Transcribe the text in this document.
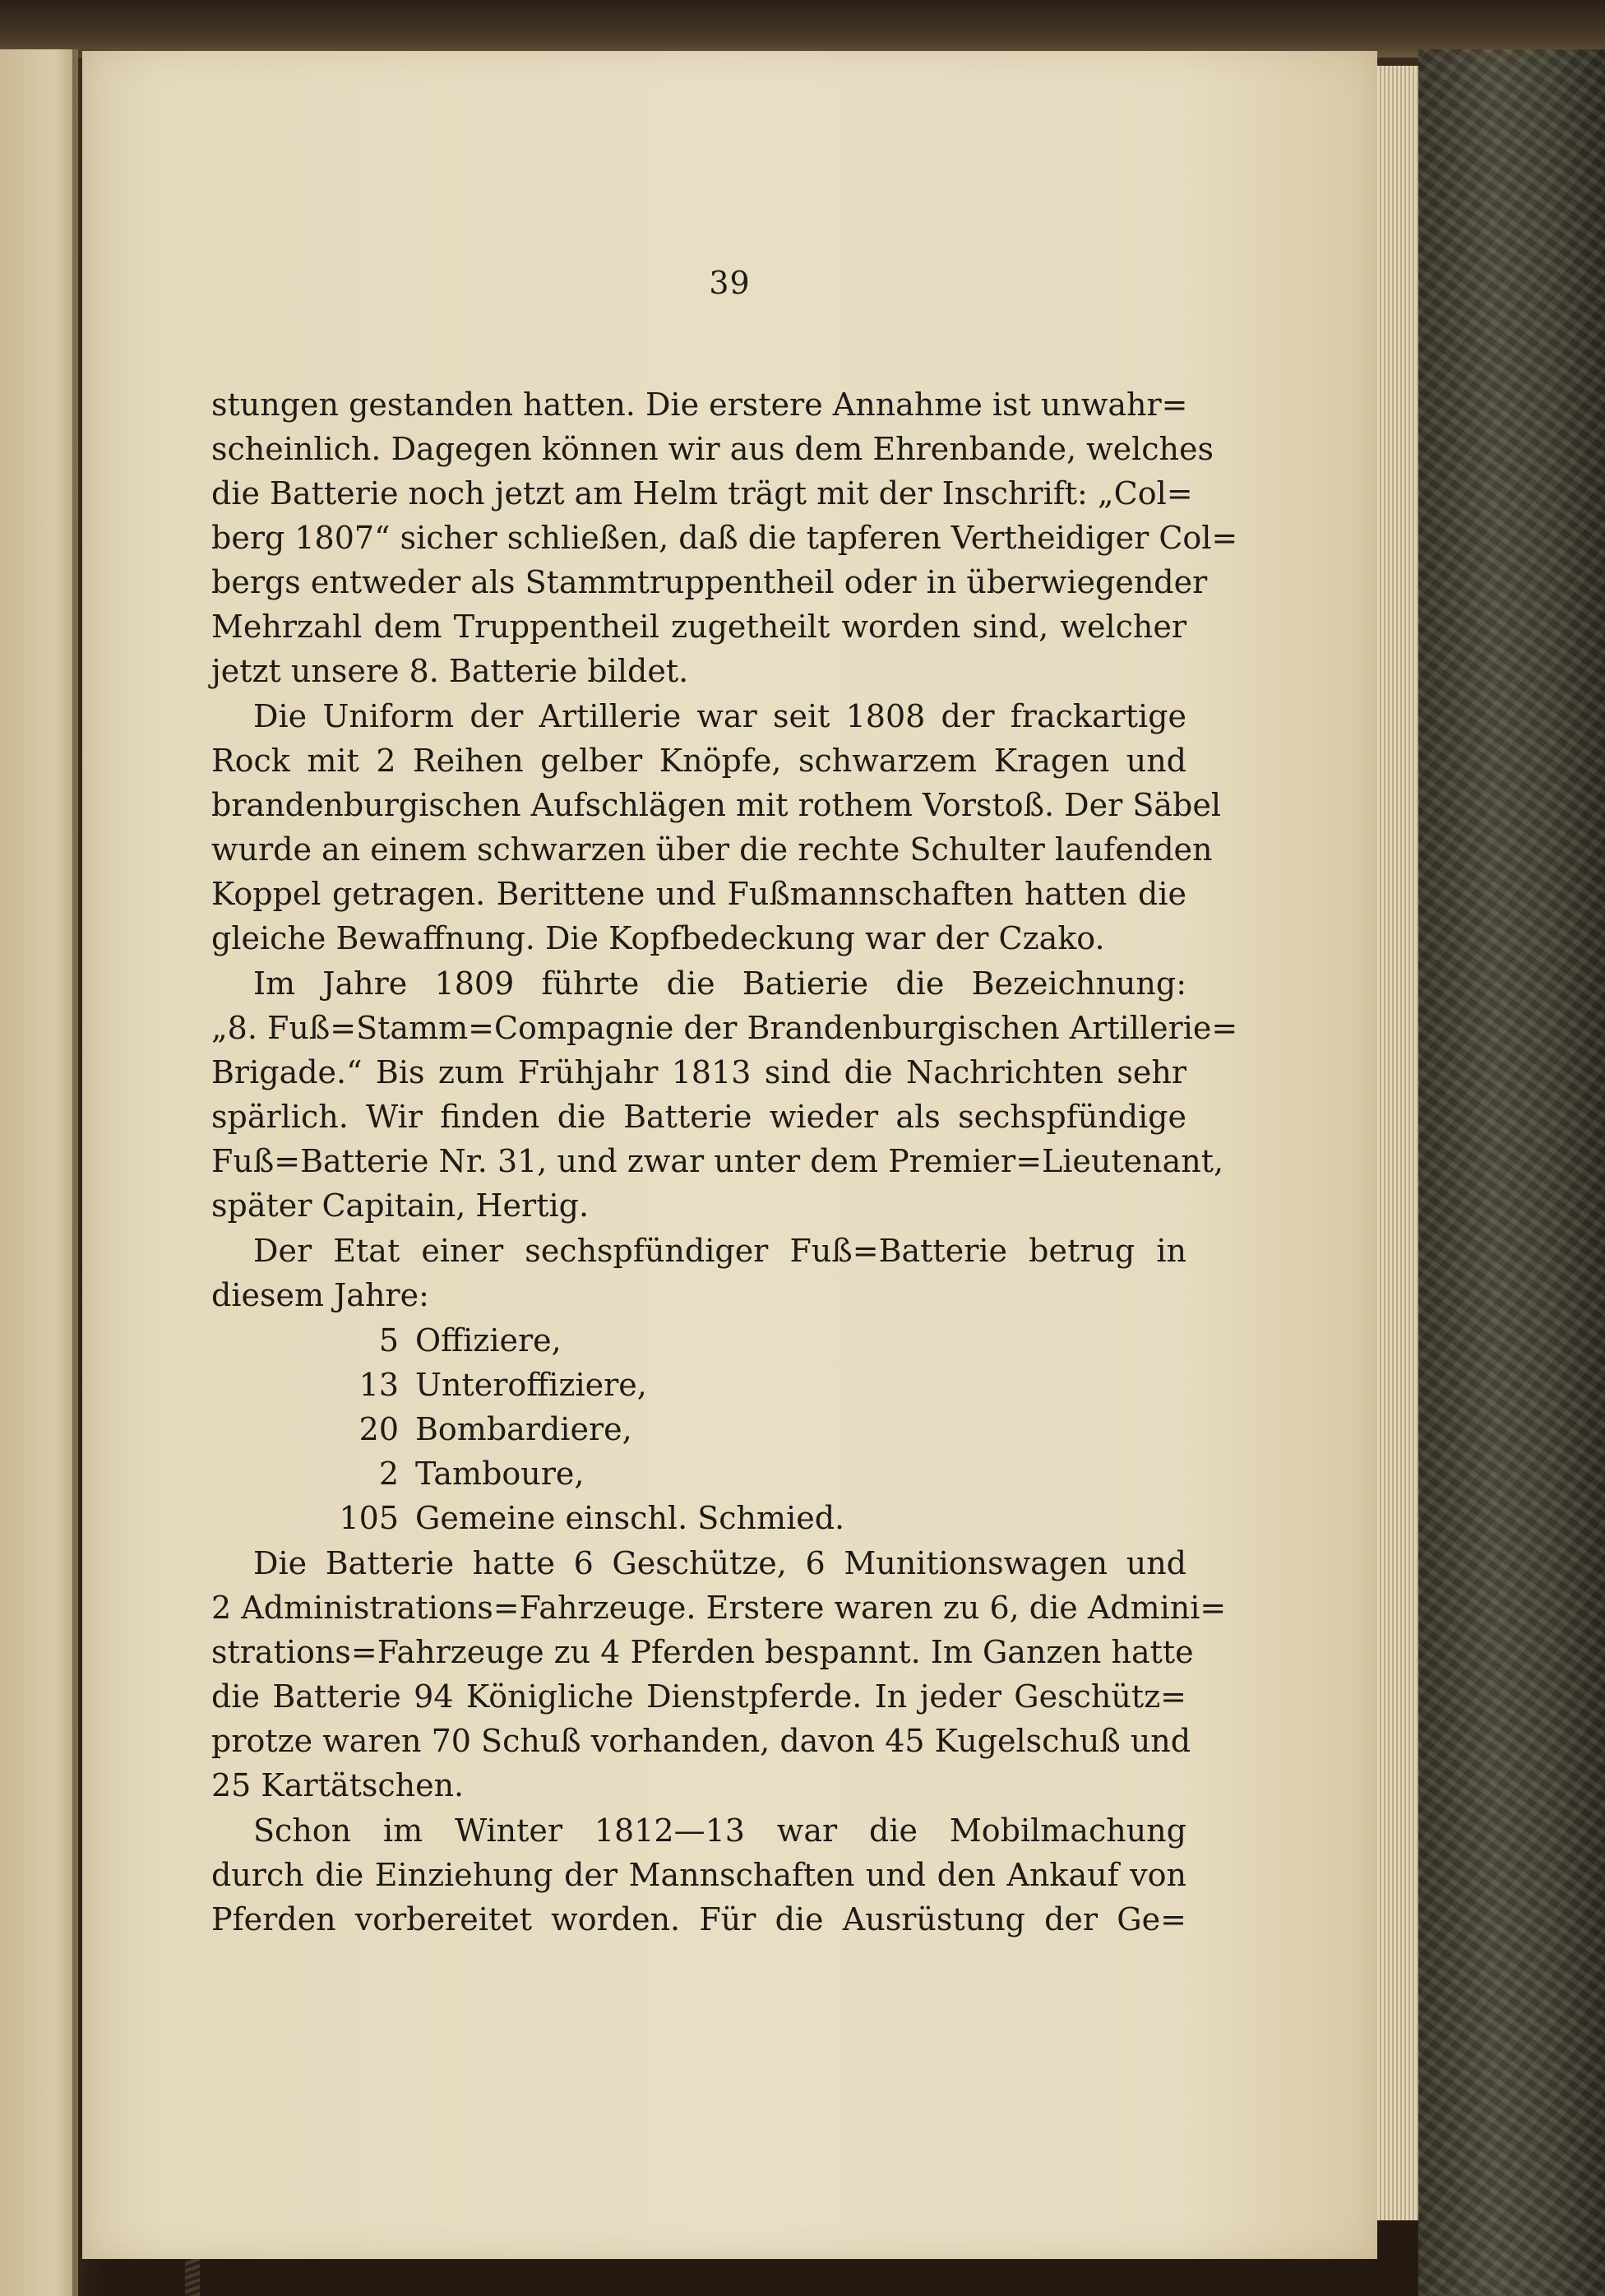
39
stungen gestanden hatten. Die erstere Annahme ist unwahr=
scheinlich. Dagegen können wir aus dem Ehrenbande, welches
die Batterie noch jetzt am Helm trägt mit der Inschrift: „Col=
berg 1807“ sicher schließen, daß die tapferen Vertheidiger Col=
bergs entweder als Stammtruppentheil oder in überwiegender
Mehrzahl dem Truppentheil zugetheilt worden sind, welcher
jetzt unsere 8. Batterie bildet.
Die Uniform der Artillerie war seit 1808 der frackartige
Rock mit 2 Reihen gelber Knöpfe, schwarzem Kragen und
brandenburgischen Aufschlägen mit rothem Vorstoß. Der Säbel
wurde an einem schwarzen über die rechte Schulter laufenden
Koppel getragen. Berittene und Fußmannschaften hatten die
gleiche Bewaffnung. Die Kopfbedeckung war der Czako.
Im Jahre 1809 führte die Batierie die Bezeichnung:
„8. Fuß=Stamm=Compagnie der Brandenburgischen Artillerie=
Brigade.“ Bis zum Frühjahr 1813 sind die Nachrichten sehr
spärlich. Wir finden die Batterie wieder als sechspfündige
Fuß=Batterie Nr. 31, und zwar unter dem Premier=Lieutenant,
später Capitain, Hertig.
Der Etat einer sechspfündiger Fuß=Batterie betrug in
diesem Jahre:
5 Offiziere,
13 Unteroffiziere,
20 Bombardiere,
2 Tamboure,
105 Gemeine einschl. Schmied.
Die Batterie hatte 6 Geschütze, 6 Munitionswagen und
2 Administrations=Fahrzeuge. Erstere waren zu 6, die Admini=
strations=Fahrzeuge zu 4 Pferden bespannt. Im Ganzen hatte
die Batterie 94 Königliche Dienstpferde. In jeder Geschütz=
protze waren 70 Schuß vorhanden, davon 45 Kugelschuß und
25 Kartätschen.
Schon im Winter 1812—13 war die Mobilmachung
durch die Einziehung der Mannschaften und den Ankauf von
Pferden vorbereitet worden. Für die Ausrüstung der Ge=
